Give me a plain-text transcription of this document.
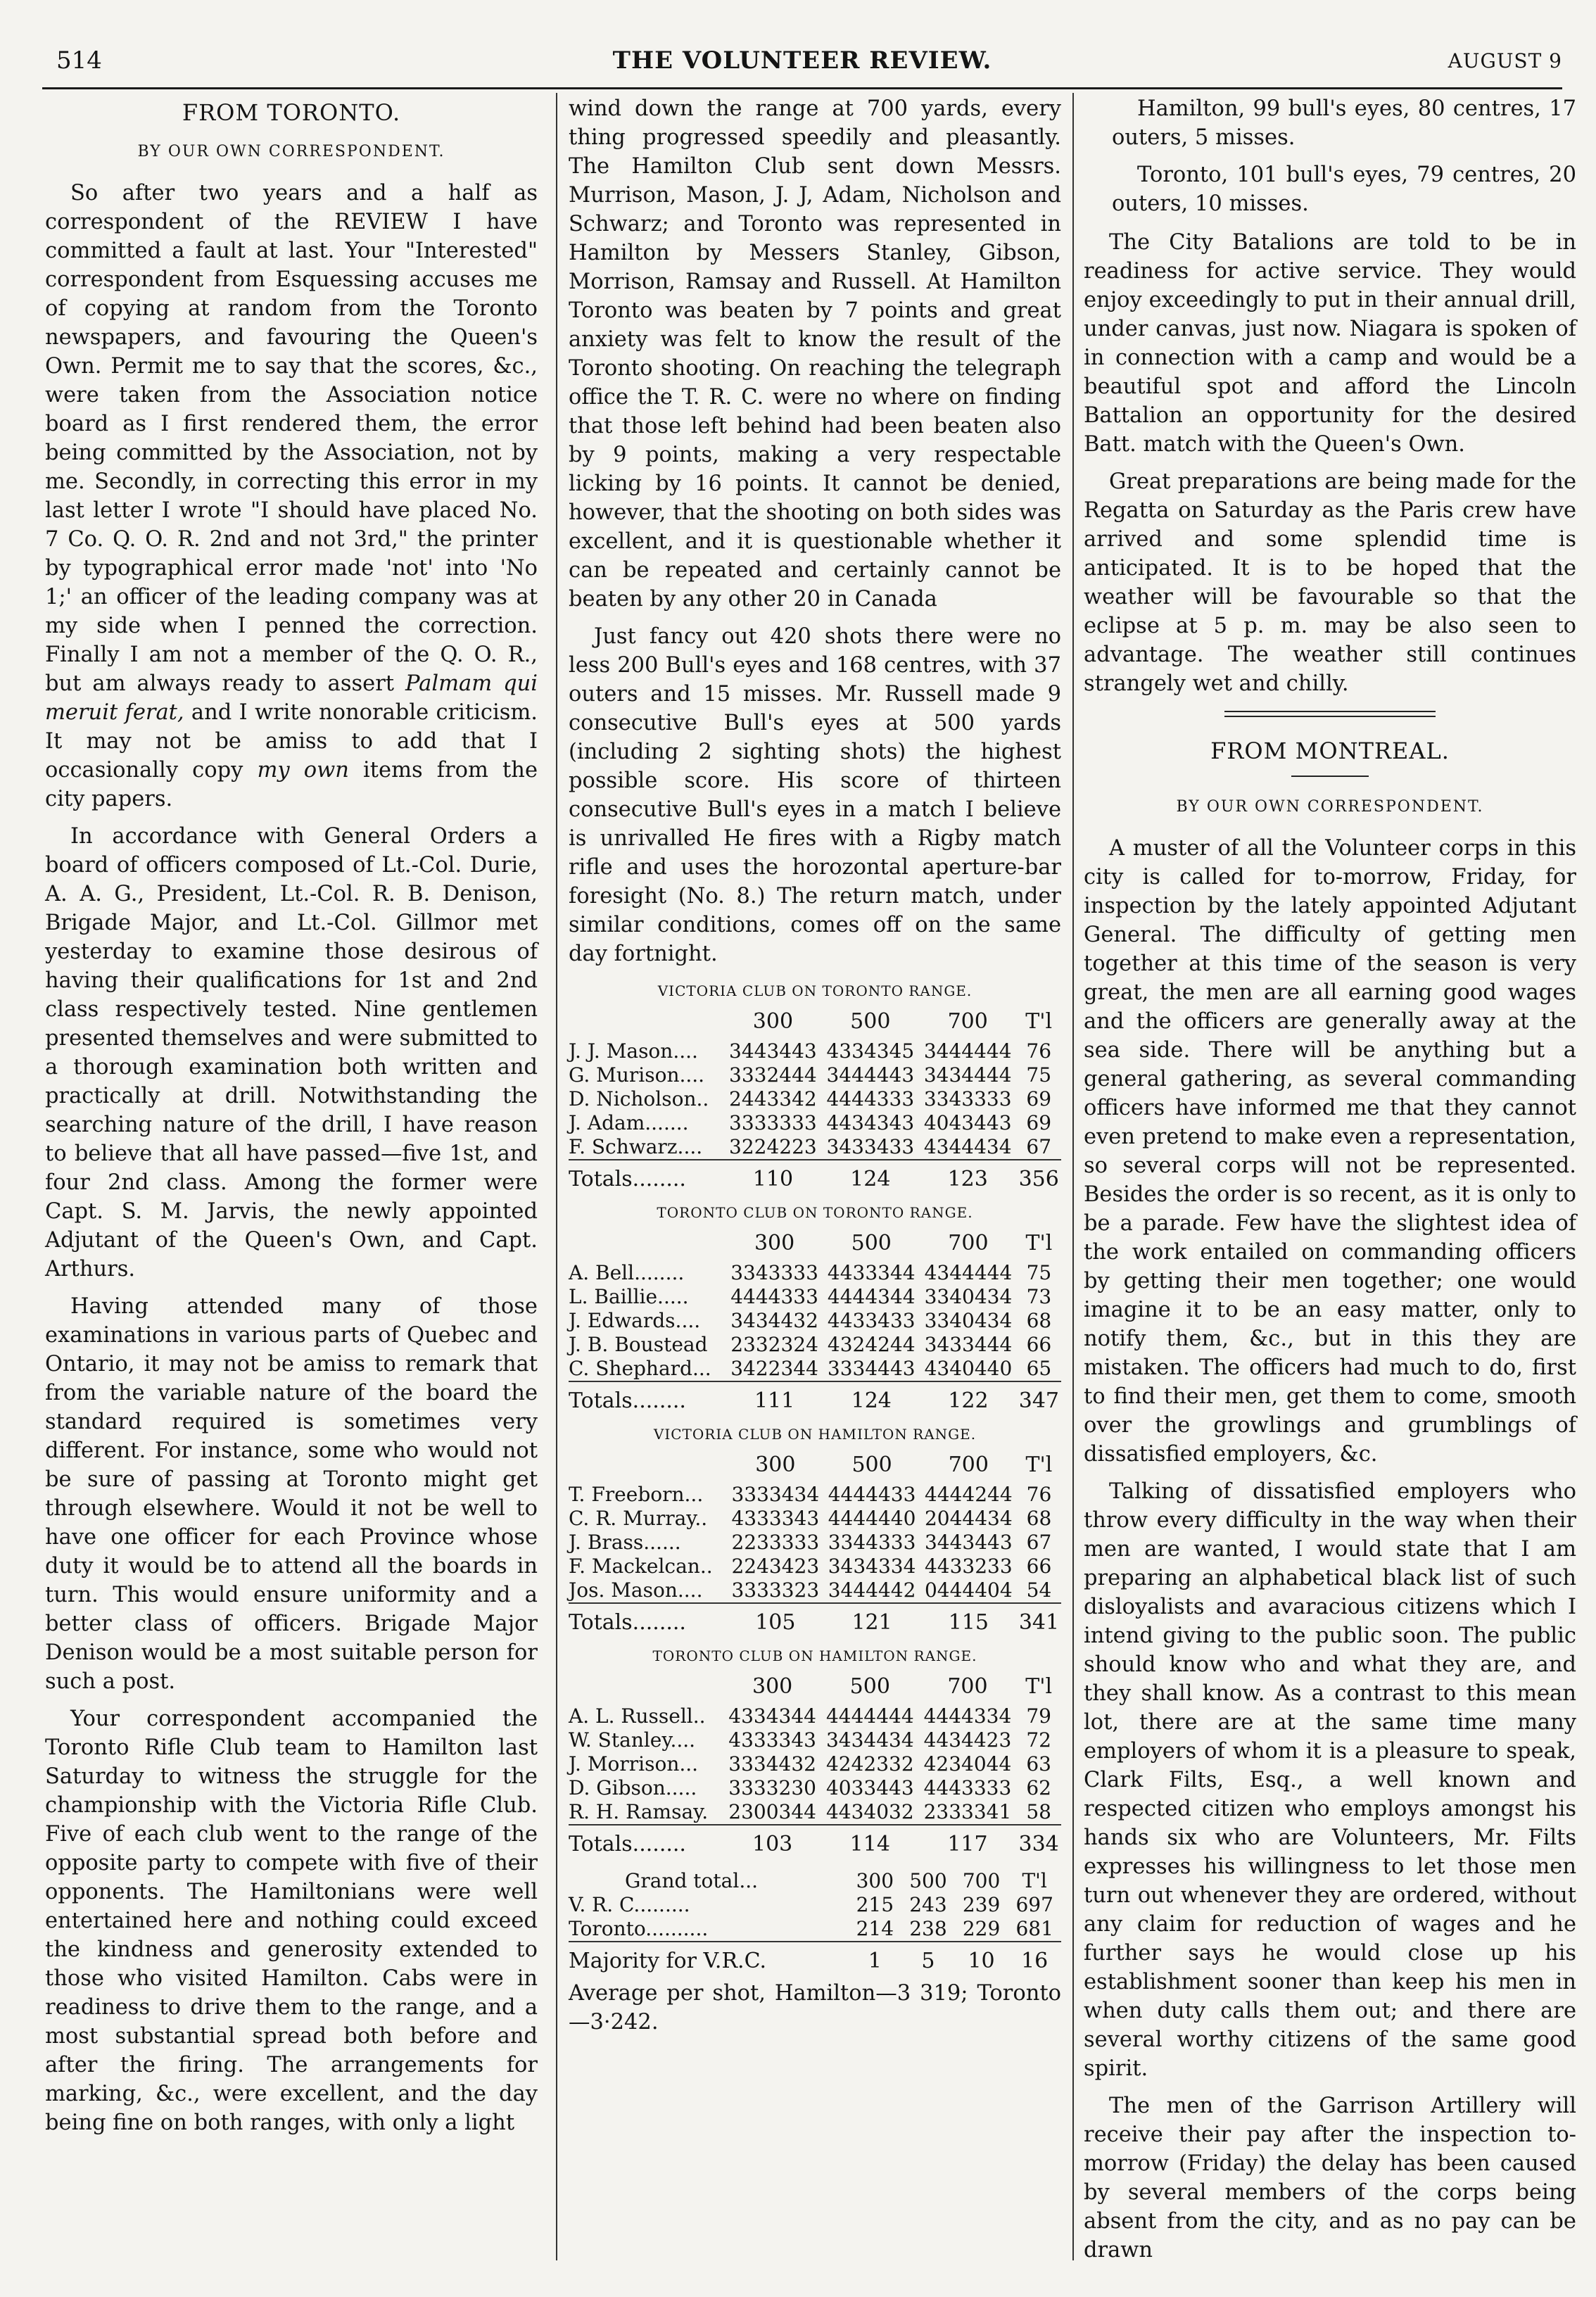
514	THE VOLUNTEER REVIEW.	AUGUST 9
FROM TORONTO.
BY OUR OWN CORRESPONDENT.

So after two years and a half as correspondent of the REVIEW I have committed a fault at last. Your "Interested" correspondent from Esquessing accuses me of copying at random from the Toronto newspapers, and favouring the Queen's Own. Permit me to say that the scores, &c., were taken from the Association notice board as I first rendered them, the error being committed by the Association, not by me. Secondly, in correcting this error in my last letter I wrote "I should have placed No. 7 Co. Q. O. R. 2nd and not 3rd," the printer by typographical error made 'not' into 'No 1;' an officer of the leading company was at my side when I penned the correction. Finally I am not a member of the Q. O. R., but am always ready to assert Palmam qui meruit ferat, and I write nonorable criticism. It may not be amiss to add that I occasionally copy my own items from the city papers.

In accordance with General Orders a board of officers composed of Lt.-Col. Durie, A. A. G., President, Lt.-Col. R. B. Denison, Brigade Major, and Lt.-Col. Gillmor met yesterday to examine those desirous of having their qualifications for 1st and 2nd class respectively tested. Nine gentlemen presented themselves and were submitted to a thorough examination both written and practically at drill. Notwithstanding the searching nature of the drill, I have reason to believe that all have passed—five 1st, and four 2nd class. Among the former were Capt. S. M. Jarvis, the newly appointed Adjutant of the Queen's Own, and Capt. Arthurs.

Having attended many of those examinations in various parts of Quebec and Ontario, it may not be amiss to remark that from the variable nature of the board the standard required is sometimes very different. For instance, some who would not be sure of passing at Toronto might get through elsewhere. Would it not be well to have one officer for each Province whose duty it would be to attend all the boards in turn. This would ensure uniformity and a better class of officers. Brigade Major Denison would be a most suitable person for such a post.

Your correspondent accompanied the Toronto Rifle Club team to Hamilton last Saturday to witness the struggle for the championship with the Victoria Rifle Club. Five of each club went to the range of the opposite party to compete with five of their opponents. The Hamiltonians were well entertained here and nothing could exceed the kindness and generosity extended to those who visited Hamilton. Cabs were in readiness to drive them to the range, and a most substantial spread both before and after the firing. The arrangements for marking, &c., were excellent, and the day being fine on both ranges, with only a light

wind down the range at 700 yards, every thing progressed speedily and pleasantly. The Hamilton Club sent down Messrs. Murrison, Mason, J. J, Adam, Nicholson and Schwarz; and Toronto was represented in Hamilton by Messers Stanley, Gibson, Morrison, Ramsay and Russell. At Hamilton Toronto was beaten by 7 points and great anxiety was felt to know the result of the Toronto shooting. On reaching the telegraph office the T. R. C. were no where on finding that those left behind had been beaten also by 9 points, making a very respectable licking by 16 points. It cannot be denied, however, that the shooting on both sides was excellent, and it is questionable whether it can be repeated and certainly cannot be beaten by any other 20 in Canada

Just fancy out 420 shots there were no less 200 Bull's eyes and 168 centres, with 37 outers and 15 misses. Mr. Russell made 9 consecutive Bull's eyes at 500 yards (including 2 sighting shots) the highest possible score. His score of thirteen consecutive Bull's eyes in a match I believe is unrivalled He fires with a Rigby match rifle and uses the horozontal aperture-bar foresight (No. 8.) The return match, under similar conditions, comes off on the same day fortnight.

VICTORIA CLUB ON TORONTO RANGE.
	300	500	700	T'l
J. J. Mason....	3443443	4334345	3444444	76
G. Murison....	3332444	3444443	3434444	75
D. Nicholson..	2443342	4444333	3343333	69
J. Adam.......	3333333	4434343	4043443	69
F. Schwarz....	3224223	3433433	4344434	67
Totals........	110	124	123	356
TORONTO CLUB ON TORONTO RANGE.
	300	500	700	T'l
A. Bell........	3343333	4433344	4344444	75
L. Baillie.....	4444333	4444344	3340434	73
J. Edwards....	3434432	4433433	3340434	68
J. B. Boustead	2332324	4324244	3433444	66
C. Shephard...	3422344	3334443	4340440	65
Totals........	111	124	122	347
VICTORIA CLUB ON HAMILTON RANGE.
	300	500	700	T'l
T. Freeborn...	3333434	4444433	4444244	76
C. R. Murray..	4333343	4444440	2044434	68
J. Brass......	2233333	3344333	3443443	67
F. Mackelcan..	2243423	3434334	4433233	66
Jos. Mason....	3333323	3444442	0444404	54
Totals........	105	121	115	341
TORONTO CLUB ON HAMILTON RANGE.
	300	500	700	T'l
A. L. Russell..	4334344	4444444	4444334	79
W. Stanley....	4333343	3434434	4434423	72
J. Morrison...	3334432	4242332	4234044	63
D. Gibson.....	3333230	4033443	4443333	62
R. H. Ramsay.	2300344	4434032	2333341	58
Totals........	103	114	117	334
Grand total...	300	500	700	T'l
V. R. C.........	215	243	239	697
Toronto..........	214	238	229	681
Majority for V.R.C.	1	5	10	16

Average per shot, Hamilton—3 319; Toronto—3·242.

Hamilton, 99 bull's eyes, 80 centres, 17 outers, 5 misses.

Toronto, 101 bull's eyes, 79 centres, 20 outers, 10 misses.

The City Batalions are told to be in readiness for active service. They would enjoy exceedingly to put in their annual drill, under canvas, just now. Niagara is spoken of in connection with a camp and would be a beautiful spot and afford the Lincoln Battalion an opportunity for the desired Batt. match with the Queen's Own.

Great preparations are being made for the Regatta on Saturday as the Paris crew have arrived and some splendid time is anticipated. It is to be hoped that the weather will be favourable so that the eclipse at 5 p. m. may be also seen to advantage. The weather still continues strangely wet and chilly.

FROM MONTREAL.
BY OUR OWN CORRESPONDENT.

A muster of all the Volunteer corps in this city is called for to-morrow, Friday, for inspection by the lately appointed Adjutant General. The difficulty of getting men together at this time of the season is very great, the men are all earning good wages and the officers are generally away at the sea side. There will be anything but a general gathering, as several commanding officers have informed me that they cannot even pretend to make even a representation, so several corps will not be represented. Besides the order is so recent, as it is only to be a parade. Few have the slightest idea of the work entailed on commanding officers by getting their men together; one would imagine it to be an easy matter, only to notify them, &c., but in this they are mistaken. The officers had much to do, first to find their men, get them to come, smooth over the growlings and grumblings of dissatisfied employers, &c.

Talking of dissatisfied employers who throw every difficulty in the way when their men are wanted, I would state that I am preparing an alphabetical black list of such disloyalists and avaracious citizens which I intend giving to the public soon. The public should know who and what they are, and they shall know. As a contrast to this mean lot, there are at the same time many employers of whom it is a pleasure to speak, Clark Filts, Esq., a well known and respected citizen who employs amongst his hands six who are Volunteers, Mr. Filts expresses his willingness to let those men turn out whenever they are ordered, without any claim for reduction of wages and he further says he would close up his establishment sooner than keep his men in when duty calls them out; and there are several worthy citizens of the same good spirit.

The men of the Garrison Artillery will receive their pay after the inspection to-morrow (Friday) the delay has been caused by several members of the corps being absent from the city, and as no pay can be drawn
